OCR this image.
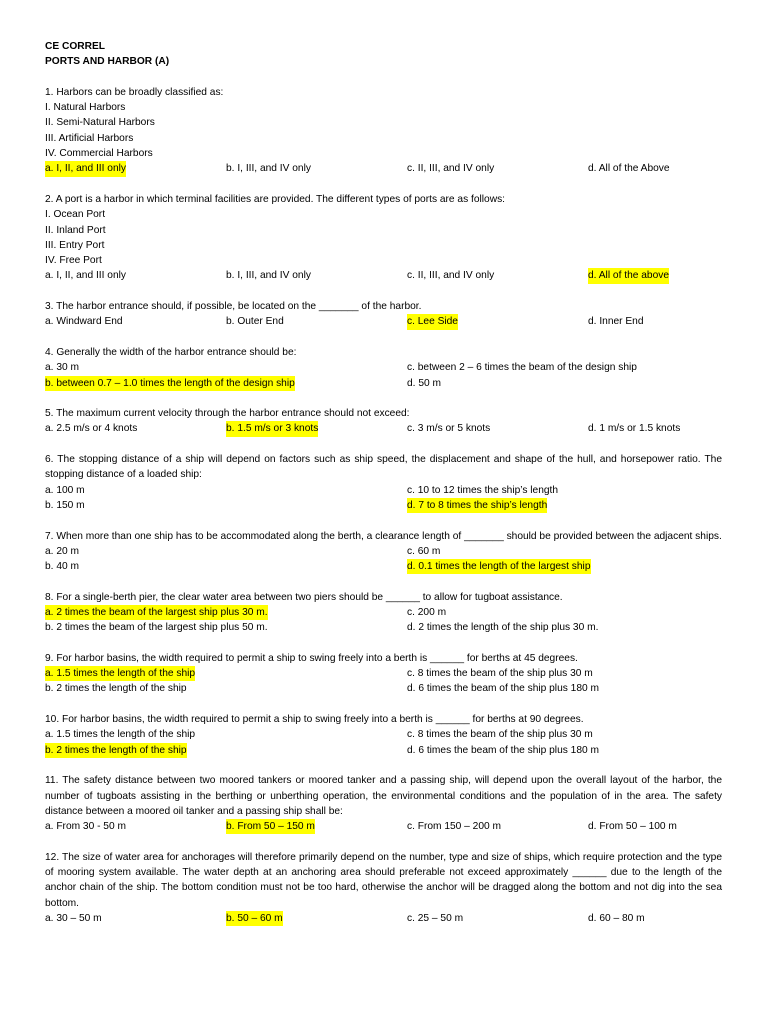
CE CORREL
PORTS AND HARBOR (A)
1. Harbors can be broadly classified as:
I. Natural Harbors
II. Semi-Natural Harbors
III. Artificial Harbors
IV. Commercial Harbors
a. I, II, and III only	b. I, III, and IV only	c. II, III, and IV only	d. All of the Above
2. A port is a harbor in which terminal facilities are provided. The different types of ports are as follows:
I. Ocean Port
II. Inland Port
III. Entry Port
IV. Free Port
a. I, II, and III only	b. I, III, and IV only	c. II, III, and IV only	d. All of the above
3. The harbor entrance should, if possible, be located on the _______ of the harbor.
a. Windward End	b. Outer End	c. Lee Side	d. Inner End
4. Generally the width of the harbor entrance should be:
a. 30 m	c. between 2 – 6 times the beam of the design ship
b. between 0.7 – 1.0 times the length of the design ship	d. 50 m
5. The maximum current velocity through the harbor entrance should not exceed:
a. 2.5 m/s or 4 knots	b. 1.5 m/s or 3 knots	c. 3 m/s or 5 knots	d. 1 m/s or 1.5 knots
6. The stopping distance of a ship will depend on factors such as ship speed, the displacement and shape of the hull, and horsepower ratio. The stopping distance of a loaded ship:
a. 100 m	c. 10 to 12 times the ship’s length
b. 150 m	d. 7 to 8 times the ship’s length
7. When more than one ship has to be accommodated along the berth, a clearance length of _______ should be provided between the adjacent ships.
a. 20 m	c. 60 m
b. 40 m	d. 0.1 times the length of the largest ship
8. For a single-berth pier, the clear water area between two piers should be ______ to allow for tugboat assistance.
a. 2 times the beam of the largest ship plus 30 m.	c. 200 m
b. 2 times the beam of the largest ship plus 50 m.	d. 2 times the length of the ship plus 30 m.
9. For harbor basins, the width required to permit a ship to swing freely into a berth is ______ for berths at 45 degrees.
a. 1.5 times the length of the ship	c. 8 times the beam of the ship plus 30 m
b. 2 times the length of the ship	d. 6 times the beam of the ship plus 180 m
10. For harbor basins, the width required to permit a ship to swing freely into a berth is ______ for berths at 90 degrees.
a. 1.5 times the length of the ship	c. 8 times the beam of the ship plus 30 m
b. 2 times the length of the ship	d. 6 times the beam of the ship plus 180 m
11. The safety distance between two moored tankers or moored tanker and a passing ship, will depend upon the overall layout of the harbor, the number of tugboats assisting in the berthing or unberthing operation, the environmental conditions and the population of in the area. The safety distance between a moored oil tanker and a passing ship shall be:
a. From 30 - 50 m	b. From 50 – 150 m	c. From 150 – 200 m	d. From 50 – 100 m
12. The size of water area for anchorages will therefore primarily depend on the number, type and size of ships, which require protection and the type of mooring system available. The water depth at an anchoring area should preferable not exceed approximately ______ due to the length of the anchor chain of the ship. The bottom condition must not be too hard, otherwise the anchor will be dragged along the bottom and not dig into the sea bottom.
a. 30 – 50 m	b. 50 – 60 m	c. 25 – 50 m	d. 60 – 80 m
